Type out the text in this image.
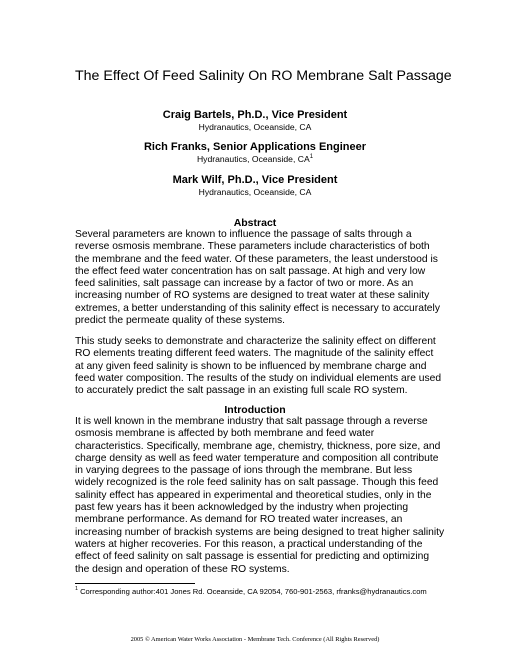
The Effect Of Feed Salinity On RO Membrane Salt Passage
Craig Bartels, Ph.D., Vice President
Hydranautics, Oceanside, CA
Rich Franks, Senior Applications Engineer
Hydranautics, Oceanside, $CA^1$
Mark Wilf, Ph.D., Vice President
Hydranautics, Oceanside, CA
Abstract
Several parameters are known to influence the passage of salts through a
reverse osmosis membrane. These parameters include characteristics of both
the membrane and the feed water. Of these parameters, the least understood is
the effect feed water concentration has on salt passage. At high and very low
feed salinities, salt passage can increase by a factor of two or more. As an
increasing number of RO systems are designed to treat water at these salinity
extremes, a better understanding of this salinity effect is necessary to accurately
predict the permeate quality of these systems.
This study seeks to demonstrate and characterize the salinity effect on different
RO elements treating different feed waters. The magnitude of the salinity effect
at any given feed salinity is shown to be influenced by membrane charge and
feed water composition. The results of the study on individual elements are used
to accurately predict the salt passage in an existing full scale RO system.
Introduction
It is well known in the membrane industry that salt passage through a reverse
osmosis membrane is affected by both membrane and feed water
characteristics. Specifically, membrane age, chemistry, thickness, pore size, and
charge density as well as feed water temperature and composition all contribute
in varying degrees to the passage of ions through the membrane. But less
widely recognized is the role feed salinity has on salt passage. Though this feed
salinity effect has appeared in experimental and theoretical studies, only in the
past few years has it been acknowledged by the industry when projecting
membrane performance. As demand for RO treated water increases, an
increasing number of brackish systems are being designed to treat higher salinity
waters at higher recoveries. For this reason, a practical understanding of the
effect of feed salinity on salt passage is essential for predicting and optimizing
the design and operation of these RO systems.
$^1$ Corresponding author:401 Jones Rd. Oceanside, CA 92054, 760-901-2563, rfranks@hydranautics.com
2005 © American Water Works Association - Membrane Tech. Conference (All Rights Reserved)
